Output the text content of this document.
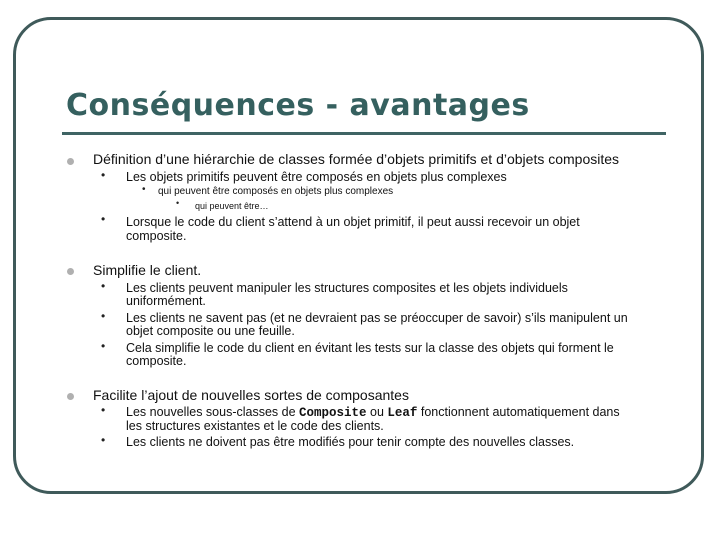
Conséquences - avantages
Définition d’une hiérarchie de classes formée d’objets primitifs et d’objets composites
• Les objets primitifs peuvent être composés en objets plus complexes
• qui peuvent être composés en objets plus complexes
• qui peuvent être…
• Lorsque le code du client s’attend à un objet primitif, il peut aussi recevoir un objet
composite.
Simplifie le client.
• Les clients peuvent manipuler les structures composites et les objets individuels
uniformément.
• Les clients ne savent pas (et ne devraient pas se préoccuper de savoir) s’ils manipulent un
objet composite ou une feuille.
• Cela simplifie le code du client en évitant les tests sur la classe des objets qui forment le
composite.
Facilite l’ajout de nouvelles sortes de composantes
• Les nouvelles sous-classes de Composite ou Leaf fonctionnent automatiquement dans
les structures existantes et le code des clients.
• Les clients ne doivent pas être modifiés pour tenir compte des nouvelles classes.
